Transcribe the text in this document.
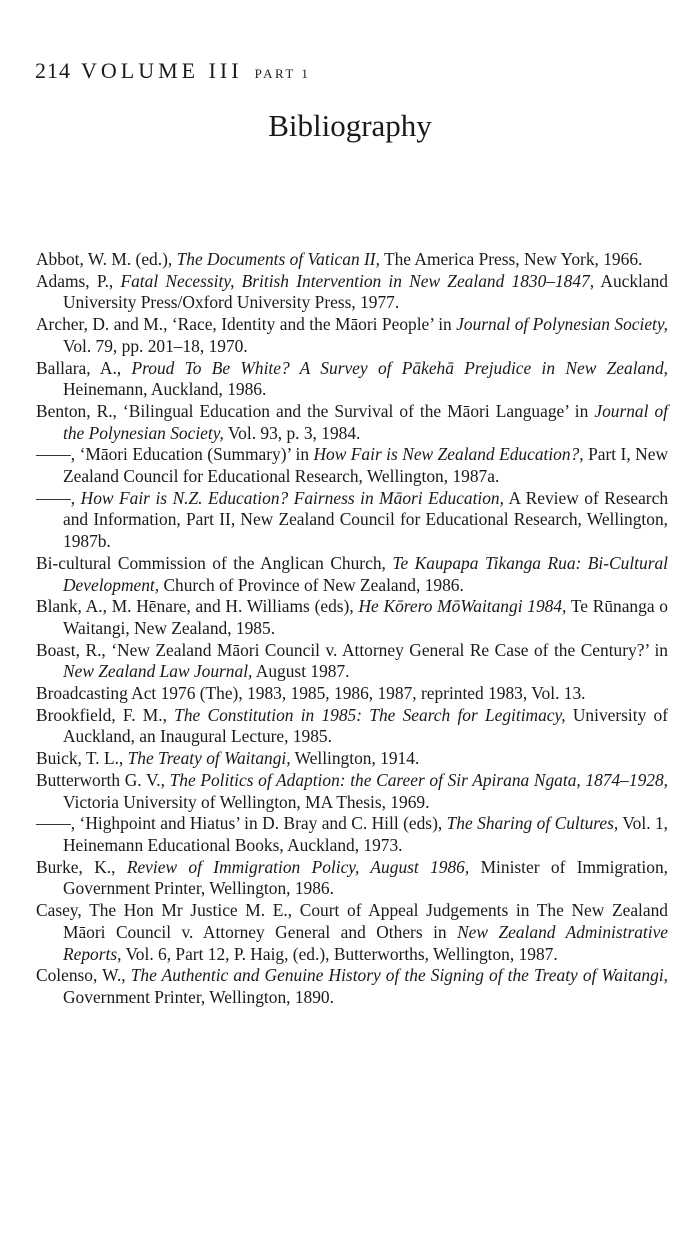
214 VOLUME III PART 1
Bibliography
Abbot, W. M. (ed.), The Documents of Vatican II, The America Press, New York, 1966.
Adams, P., Fatal Necessity, British Intervention in New Zealand 1830–1847, Auckland University Press/Oxford University Press, 1977.
Archer, D. and M., ‘Race, Identity and the Māori People’ in Journal of Polynesian Society, Vol. 79, pp. 201–18, 1970.
Ballara, A., Proud To Be White? A Survey of Pākehā Prejudice in New Zealand, Heinemann, Auckland, 1986.
Benton, R., ‘Bilingual Education and the Survival of the Māori Language’ in Journal of the Polynesian Society, Vol. 93, p. 3, 1984.
——, ‘Māori Education (Summary)’ in How Fair is New Zealand Education?, Part I, New Zealand Council for Educational Research, Wellington, 1987a.
——, How Fair is N.Z. Education? Fairness in Māori Education, A Review of Research and Information, Part II, New Zealand Council for Educational Research, Wellington, 1987b.
Bi-cultural Commission of the Anglican Church, Te Kaupapa Tikanga Rua: Bi-Cultural Development, Church of Province of New Zealand, 1986.
Blank, A., M. Hēnare, and H. Williams (eds), He Kōrero MōWaitangi 1984, Te Rūnanga o Waitangi, New Zealand, 1985.
Boast, R., ‘New Zealand Māori Council v. Attorney General Re Case of the Century?’ in New Zealand Law Journal, August 1987.
Broadcasting Act 1976 (The), 1983, 1985, 1986, 1987, reprinted 1983, Vol. 13.
Brookfield, F. M., The Constitution in 1985: The Search for Legitimacy, University of Auckland, an Inaugural Lecture, 1985.
Buick, T. L., The Treaty of Waitangi, Wellington, 1914.
Butterworth G. V., The Politics of Adaption: the Career of Sir Apirana Ngata, 1874–1928, Victoria University of Wellington, MA Thesis, 1969.
——, ‘Highpoint and Hiatus’ in D. Bray and C. Hill (eds), The Sharing of Cultures, Vol. 1, Heinemann Educational Books, Auckland, 1973.
Burke, K., Review of Immigration Policy, August 1986, Minister of Immigration, Government Printer, Wellington, 1986.
Casey, The Hon Mr Justice M. E., Court of Appeal Judgements in The New Zealand Māori Council v. Attorney General and Others in New Zealand Administrative Reports, Vol. 6, Part 12, P. Haig, (ed.), Butterworths, Wellington, 1987.
Colenso, W., The Authentic and Genuine History of the Signing of the Treaty of Waitangi, Government Printer, Wellington, 1890.
